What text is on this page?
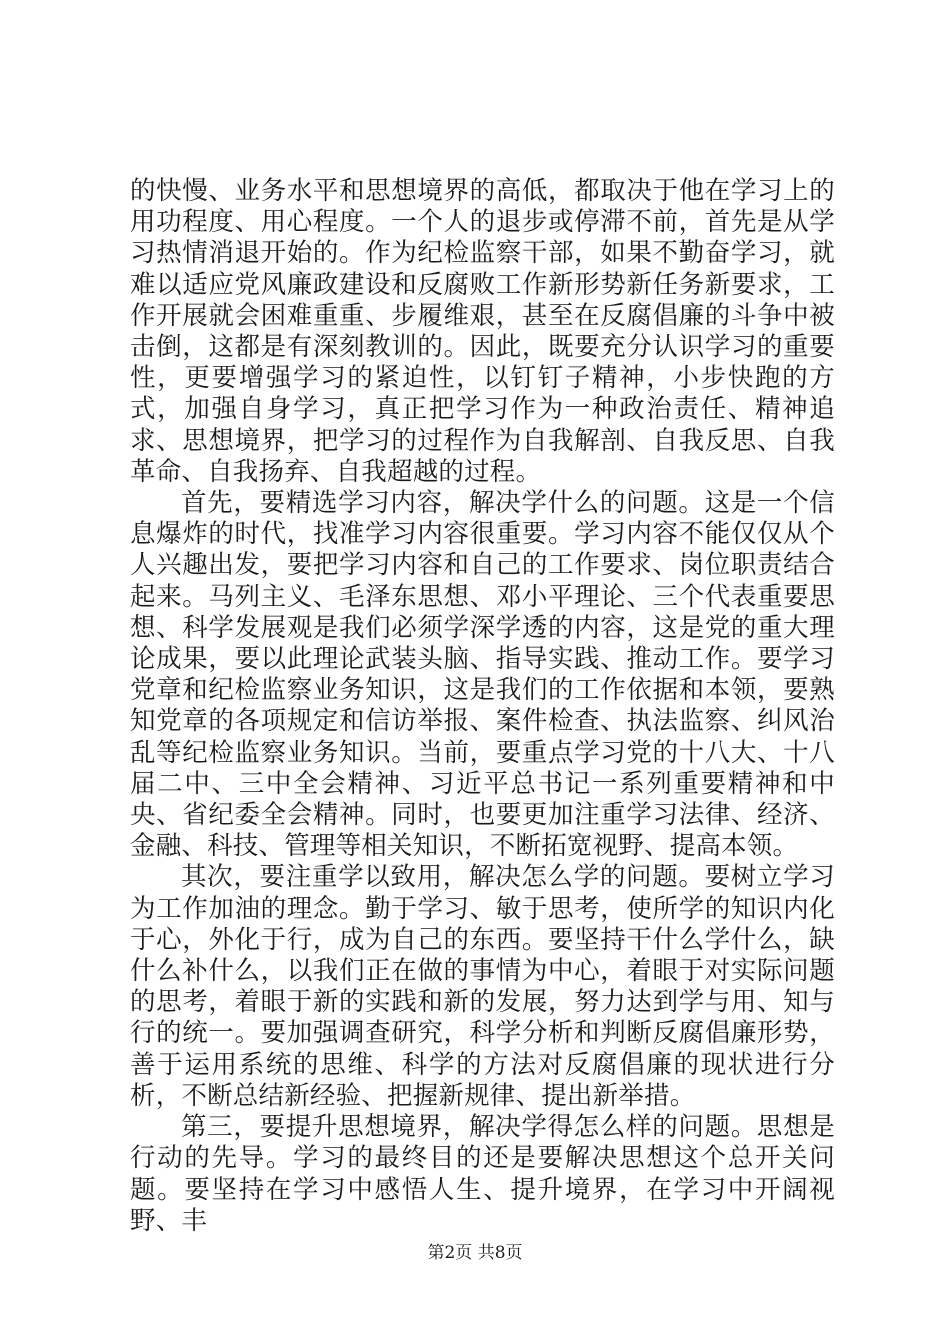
的快慢、业务水平和思想境界的高低，都取决于他在学习上的用功程度、用心程度。一个人的退步或停滞不前，首先是从学习热情消退开始的。作为纪检监察干部，如果不勤奋学习，就难以适应党风廉政建设和反腐败工作新形势新任务新要求，工作开展就会困难重重、步履维艰，甚至在反腐倡廉的斗争中被击倒，这都是有深刻教训的。因此，既要充分认识学习的重要性，更要增强学习的紧迫性，以钉钉子精神，小步快跑的方式，加强自身学习，真正把学习作为一种政治责任、精神追求、思想境界，把学习的过程作为自我解剖、自我反思、自我革命、自我扬弃、自我超越的过程。

首先，要精选学习内容，解决学什么的问题。这是一个信息爆炸的时代，找准学习内容很重要。学习内容不能仅仅从个人兴趣出发，要把学习内容和自己的工作要求、岗位职责结合起来。马列主义、毛泽东思想、邓小平理论、三个代表重要思想、科学发展观是我们必须学深学透的内容，这是党的重大理论成果，要以此理论武装头脑、指导实践、推动工作。要学习党章和纪检监察业务知识，这是我们的工作依据和本领，要熟知党章的各项规定和信访举报、案件检查、执法监察、纠风治乱等纪检监察业务知识。当前，要重点学习党的十八大、十八届二中、三中全会精神、习近平总书记一系列重要精神和中央、省纪委全会精神。同时，也要更加注重学习法律、经济、金融、科技、管理等相关知识，不断拓宽视野、提高本领。

其次，要注重学以致用，解决怎么学的问题。要树立学习为工作加油的理念。勤于学习、敏于思考，使所学的知识内化于心，外化于行，成为自己的东西。要坚持干什么学什么，缺什么补什么，以我们正在做的事情为中心，着眼于对实际问题的思考，着眼于新的实践和新的发展，努力达到学与用、知与行的统一。要加强调查研究，科学分析和判断反腐倡廉形势，善于运用系统的思维、科学的方法对反腐倡廉的现状进行分析，不断总结新经验、把握新规律、提出新举措。

第三，要提升思想境界，解决学得怎么样的问题。思想是行动的先导。学习的最终目的还是要解决思想这个总开关问题。要坚持在学习中感悟人生、提升境界，在学习中开阔视野、丰

第2页 共8页
